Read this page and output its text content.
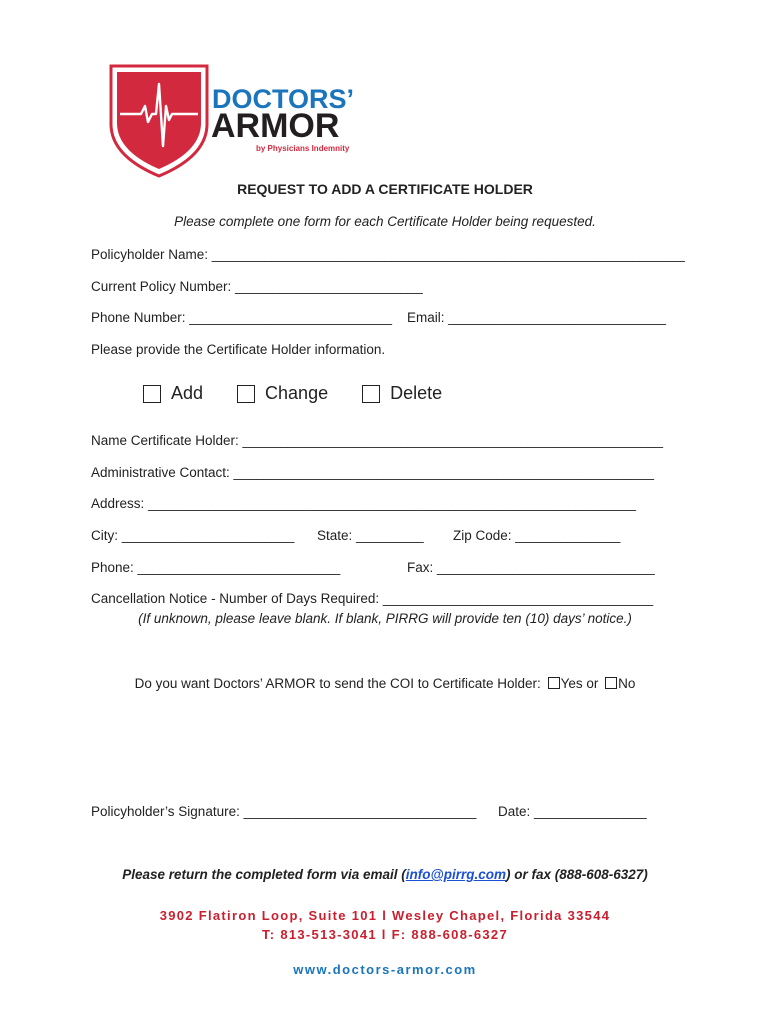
DOCTORS’
ARMOR
by Physicians Indemnity
REQUEST TO ADD A CERTIFICATE HOLDER
Please complete one form for each Certificate Holder being requested.
Policyholder Name: _______________________________________________________________
Current Policy Number: _________________________
Phone Number: ___________________________ Email: _____________________________
Please provide the Certificate Holder information.
Add	Change	Delete
Name Certificate Holder: ________________________________________________________
Administrative Contact: ________________________________________________________
Address: _________________________________________________________________
City: _______________________ State: _________ Zip Code: ______________
Phone: ___________________________	Fax: _____________________________
Cancellation Notice - Number of Days Required: ____________________________________
(If unknown, please leave blank. If blank, PIRRG will provide ten (10) days’ notice.)
Do you want Doctors’ ARMOR to send the COI to Certificate Holder: Yes or No
Policyholder’s Signature: _______________________________ Date: _______________
Please return the completed form via email (info@pirrg.com) or fax (888-608-6327)
3902 Flatiron Loop, Suite 101 l Wesley Chapel, Florida 33544
T: 813-513-3041 l F: 888-608-6327
www.doctors-armor.com
